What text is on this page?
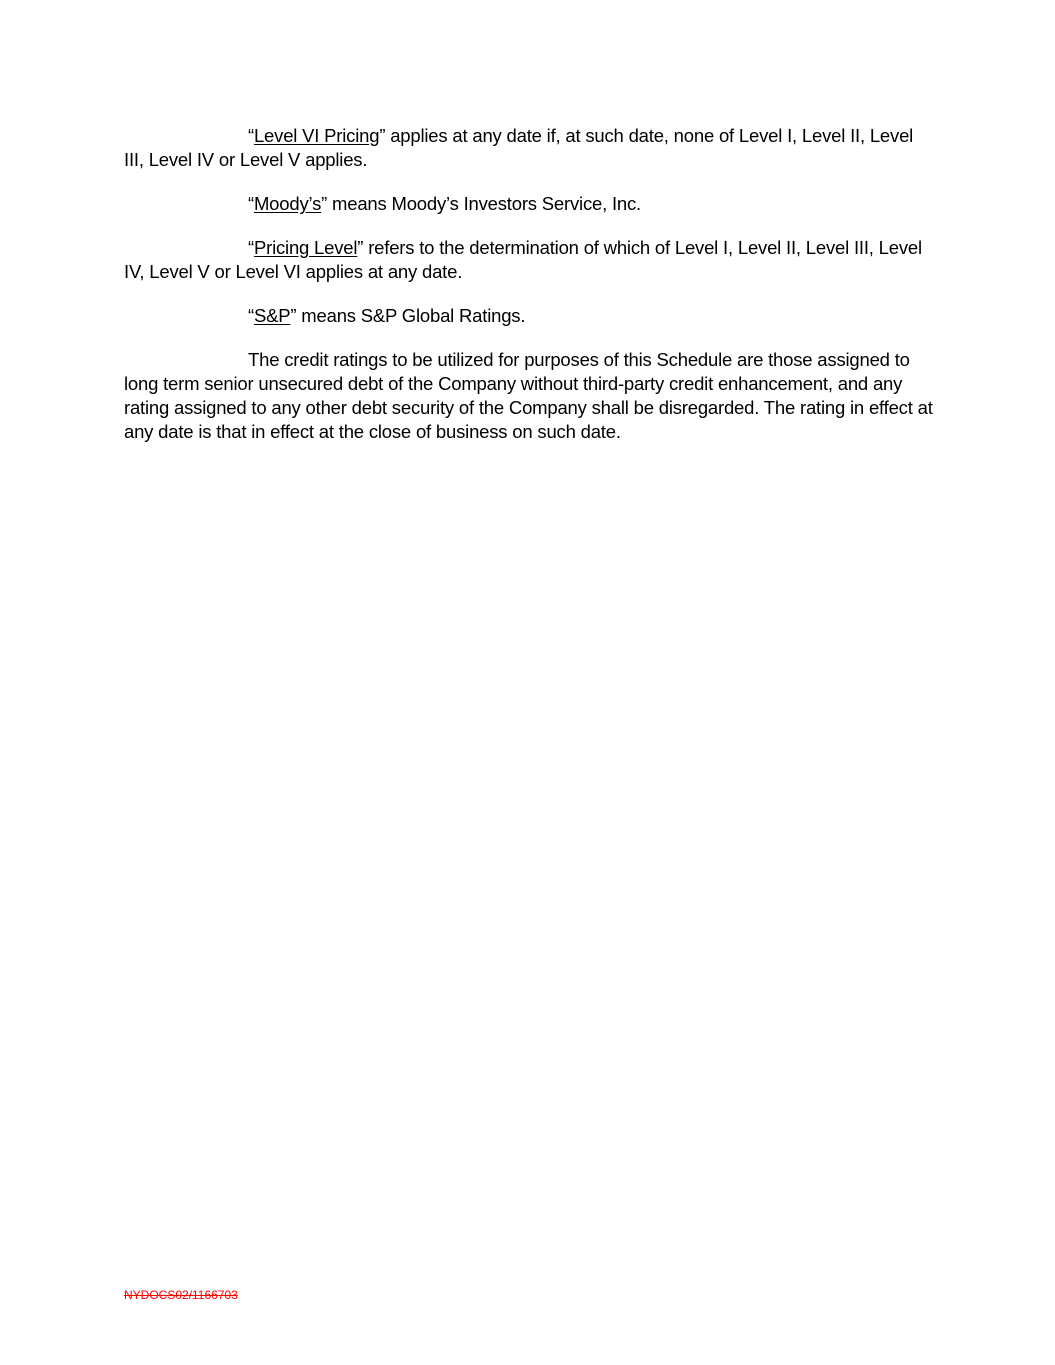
“Level VI Pricing” applies at any date if, at such date, none of Level I, Level II, Level III, Level IV or Level V applies.

“Moody’s” means Moody’s Investors Service, Inc.

“Pricing Level” refers to the determination of which of Level I, Level II, Level III, Level IV, Level V or Level VI applies at any date.

“S&P” means S&P Global Ratings.

The credit ratings to be utilized for purposes of this Schedule are those assigned to long term senior unsecured debt of the Company without third-party credit enhancement, and any rating assigned to any other debt security of the Company shall be disregarded. The rating in effect at any date is that in effect at the close of business on such date.

NYDOCS02/1166703
